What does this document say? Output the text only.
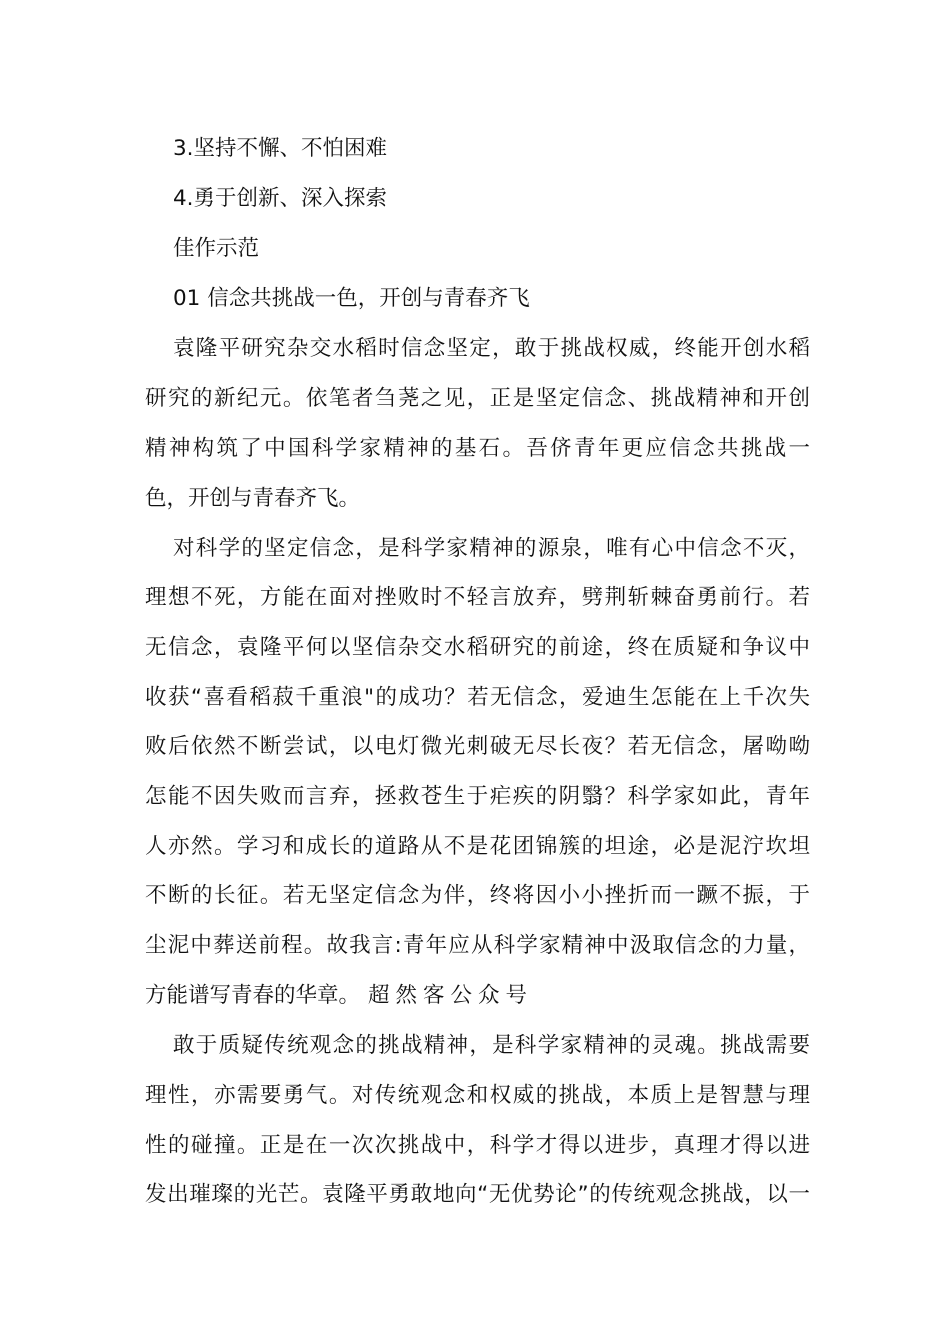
3.坚持不懈、不怕困难
4.勇于创新、深入探索
佳作示范
01 信念共挑战一色，开创与青春齐飞
袁隆平研究杂交水稻时信念坚定，敢于挑战权威，终能开创水稻
研究的新纪元。依笔者刍荛之见，正是坚定信念、挑战精神和开创
精神构筑了中国科学家精神的基石。吾侪青年更应信念共挑战一
色，开创与青春齐飞。
对科学的坚定信念，是科学家精神的源泉，唯有心中信念不灭，
理想不死，方能在面对挫败时不轻言放弃，劈荆斩棘奋勇前行。若
无信念，袁隆平何以坚信杂交水稻研究的前途，终在质疑和争议中
收获“喜看稻菽千重浪"的成功？若无信念，爱迪生怎能在上千次失
败后依然不断尝试，以电灯微光刺破无尽长夜？若无信念，屠呦呦
怎能不因失败而言弃，拯救苍生于疟疾的阴翳？科学家如此，青年
人亦然。学习和成长的道路从不是花团锦簇的坦途，必是泥泞坎坦
不断的长征。若无坚定信念为伴，终将因小小挫折而一蹶不振，于
尘泥中葬送前程。故我言:青年应从科学家精神中汲取信念的力量，
方能谱写青春的华章。 超然客公众号
敢于质疑传统观念的挑战精神，是科学家精神的灵魂。挑战需要
理性，亦需要勇气。对传统观念和权威的挑战，本质上是智慧与理
性的碰撞。正是在一次次挑战中，科学才得以进步，真理才得以进
发出璀璨的光芒。袁隆平勇敢地向“无优势论”的传统观念挑战，以一
